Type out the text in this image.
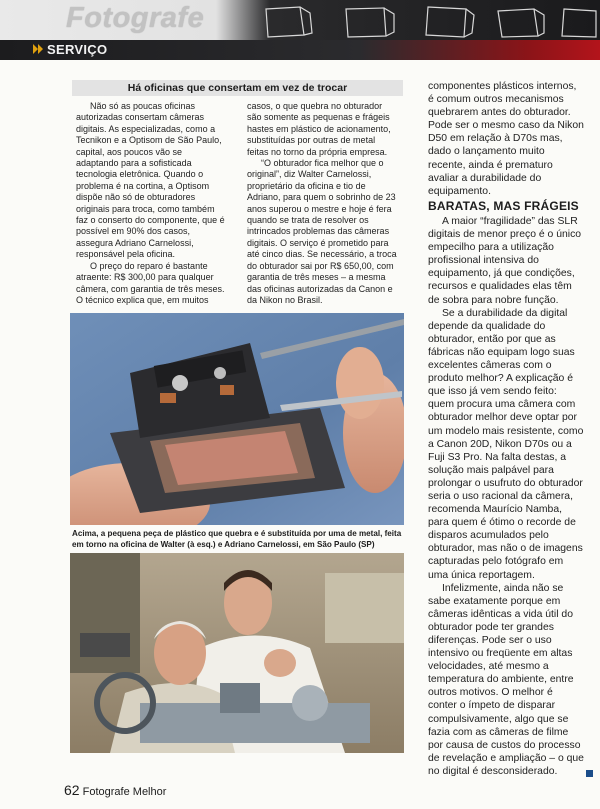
Fotografe
SERVIÇO
Há oficinas que consertam em vez de trocar

Não só as poucas oficinas autorizadas consertam câmeras digitais. As especializadas, como a Tecnikon e a Optisom de São Paulo, capital, aos poucos vão se adaptando para a sofisticada tecnologia eletrônica. Quando o problema é na cortina, a Optisom dispõe não só de obturadores originais para troca, como também faz o conserto do componente, que é possível em 90% dos casos, assegura Adriano Carnelossi, responsável pela oficina.

O preço do reparo é bastante atraente: R$ 300,00 para qualquer câmera, com garantia de três meses. O técnico explica que, em muitos

casos, o que quebra no obturador são somente as pequenas e frágeis hastes em plástico de acionamento, substituídas por outras de metal feitas no torno da própria empresa.

“O obturador fica melhor que o original”, diz Walter Carnelossi, proprietário da oficina e tio de Adriano, para quem o sobrinho de 23 anos superou o mestre e hoje é fera quando se trata de resolver os intrincados problemas das câmeras digitais. O serviço é prometido para até cinco dias. Se necessário, a troca do obturador sai por R$ 650,00, com garantia de três meses – a mesma das oficinas autorizadas da Canon e da Nikon no Brasil.

Acima, a pequena peça de plástico que quebra e é substituída por uma de metal, feita em torno na oficina de Walter (à esq.) e Adriano Carnelossi, em São Paulo (SP)

componentes plásticos internos, é comum outros mecanismos quebrarem antes do obturador. Pode ser o mesmo caso da Nikon D50 em relação à D70s mas, dado o lançamento muito recente, ainda é prematuro avaliar a durabilidade do equipamento.

BARATAS, MAS FRÁGEIS

A maior “fragilidade” das SLR digitais de menor preço é o único empecilho para a utilização profissional intensiva do equipamento, já que condições, recursos e qualidades elas têm de sobra para nobre função.

Se a durabilidade da digital depende da qualidade do obturador, então por que as fábricas não equipam logo suas excelentes câmeras com o produto melhor? A explicação é que isso já vem sendo feito: quem procura uma câmera com obturador melhor deve optar por um modelo mais resistente, como a Canon 20D, Nikon D70s ou a Fuji S3 Pro. Na falta destas, a solução mais palpável para prolongar o usufruto do obturador seria o uso racional da câmera, recomenda Maurício Namba, para quem é ótimo o recorde de disparos acumulados pelo obturador, mas não o de imagens capturadas pelo fotógrafo em uma única reportagem.

Infelizmente, ainda não se sabe exatamente porque em câmeras idênticas a vida útil do obturador pode ter grandes diferenças. Pode ser o uso intensivo ou freqüente em altas velocidades, até mesmo a temperatura do ambiente, entre outros motivos. O melhor é conter o ímpeto de disparar compulsivamente, algo que se fazia com as câmeras de filme por causa de custos do processo de revelação e ampliação – o que no digital é desconsiderado.

62 Fotografe Melhor
